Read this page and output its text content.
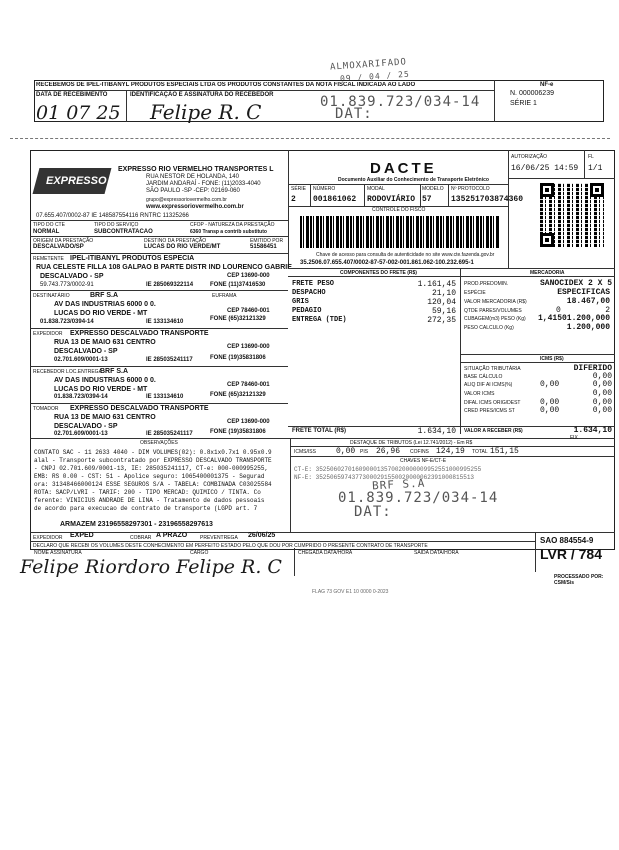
ALMOXARIFADO
09 / 04 / 25
RECEBEMOS DE IPEL-ITIBANYL PRODUTOS ESPECIAIS LTDA OS PRODUTOS CONSTANTES DA NOTA FISCAL INDICADA AO LADO
DATA DE RECEBIMENTO
01 07 25
IDENTIFICAÇÃO E ASSINATURA DO RECEBEDOR
Felipe R. C	01.839.723/034-14
DAT:
NF-e
N. 000006239
SÉRIE 1
EXPRESSO
EXPRESSO RIO VERMELHO TRANSPORTES L
RUA NESTOR DE HOLANDA, 140
JARDIM ANDARAÍ - FONE: (11)2033-4040
SÃO PAULO -SP -CEP: 02169-060
grupo@expressoriovermelho.com.br
www.expressoriovermelho.com.br
07.655.407/0002-87 IE 148587554116 RNTRC 11325266
DACTE
Documento Auxiliar do Conhecimento de Transporte Eletrônico
SÉRIE
2
NÚMERO
001861062
MODAL
RODOVIÁRIO
MODELO
57
Nº PROTOCOLO
135251703874360
CONTROLE DO FISCO
Chave de acesso para consulta de autenticidade no site www.cte.fazenda.gov.br
35.2506.07.655.407/0002-87-57-002-001.861.062-100.232.695-1
AUTORIZAÇÃO
16/06/25 14:59
FL
1/1
TIPO DO CTE
NORMAL
TIPO DO SERVIÇO
SUBCONTRATACAO
CFOP - NATUREZA DA PRESTAÇÃO
6360 Transp a contrib substituto
ORIGEM DA PRESTAÇÃO
DESCALVADO/SP
DESTINO DA PRESTAÇÃO
LUCAS DO RIO VERDE/MT
EMITIDO POR
51586451
REMETENTE IPEL-ITIBANYL PRODUTOS ESPECIA
RUA CELESTE FILLA 108 GALPAO B PARTE DISTR IND LOURENCO GABRIE
DESCALVADO - SP	CEP 13690-000
59.743.773/0002-91	IE 285069322114	FONE (11)37416530
DESTINATÁRIO	BRF S.A	EUFRAMA
AV DAS INDUSTRIAS 6000 0 0.
CEP 78460-001
LUCAS DO RIO VERDE - MT
01.838.723/0394-14	IE 133134610	FONE (65)32121329
EXPEDIDOR EXPRESSO DESCALVADO TRANSPORTE
RUA 13 DE MAIO 631 CENTRO
CEP 13690-000
DESCALVADO - SP
02.701.609/0001-13	IE 285035241117	FONE (19)35831806
RECEBEDOR LOC.ENTREGA
BRF S.A
AV DAS INDUSTRIAS 6000 0 0.
CEP 78460-001
LUCAS DO RIO VERDE - MT
01.838.723/0394-14	IE 133134610	FONE (65)32121329
TOMADOR EXPRESSO DESCALVADO TRANSPORTE
RUA 13 DE MAIO 631 CENTRO
CEP 13690-000
DESCALVADO - SP
02.701.609/0001-13	IE 285035241117	FONE (19)35831806
COMPONENTES DO FRETE (R$)	MERCADORIA
FRETE PESO	1.161,45
DESPACHO	21,10
GRIS	120,04
PEDAGIO	59,16
ENTREGA (TDE)	272,35
FRETE TOTAL (R$)	1.634,10
PROD.PREDOMIN.	SANOCIDEX 2 X 5
ESPÉCIE	ESPECIFICAS
VALOR MERCADORIA (R$)	18.467,00
QTDE PARES/VOLUMES	0	2
CUBAGEM(m3) PESO (Kg) 1,4150 1.200,000
PESO CALCULO (Kg)	1.200,000
ICMS (R$)
SITUAÇÃO TRIBUTÁRIA	DIFERIDO
BASE CÁLCULO	0,00
ALIQ DIF AI ICMS(%)	0,00	0,00
VALOR ICMS	0,00
DIFAL ICMS ORIG/DEST 0,00	0,00
CRED PRES/ICMS ST	0,00	0,00
VALOR A RECEBER (R$)	1.634,10
OBSERVAÇÕES	DESTAQUE DE TRIBUTOS (Lei 12.741/2012) - Em R$
FIX
ICMS/ISS	0,00 PIS 26,96 COFINS 124,19 TOTAL 151,15
CHAVES NF-E/CT-E
CT-E: 3525060270160900013570020000009952551000995255
NF-E: 35250659743773000291550020000062391000815513
BRF S.A
01.839.723/034-14
DAT:
CONTATO SAC - 11 2633 4040 - DIM VOLUMES(02): 0.8x1x0.7x1 0.95x0.9
alal - Transporte subcontratado por EXPRESSO DESCALVADO TRANSPORTE
- CNPJ 02.701.609/0001-13, IE: 285035241117, CT-e: 000-000995255,
EMB: RS 0.00 - CST: 51 - Apolice seguro: 1065400001375 - Segurad
ora: 31348466000124 ESSE SEGUROS S/A - TABELA: COMBINADA C03025584
ROTA: SACP/LVRI - TARIF: 200 - TIPO MERCAD: QUIMICO / TINTA. Co
ferente: VINICIUS ANDRADE DE LINA - Tratamento de dados pessoais
de acordo para execucao de contrato de transporte (LGPD art. 7
ARMAZEM 23196558297301 - 23196558297613
EXPEDIDOR EXPED	COBRAR A PRAZO	PREVENTREGA 26/06/25
DECLARO QUE RECEBI OS VOLUMES DESTE CONHECIMENTO EM PERFEITO ESTADO PELO QUE DOU POR CUMPRIDO O PRESENTE CONTRATO DE TRANSPORTE
SAO 884554-9
LVR / 784
NOME ASSINATURA	CARGO	CHEGADA DATA/HORA	SAÍDA DATA/HORA
Felipe Riordoro Felipe R. C	PROCESSADO POR: CSM/Sis
FLAG 73 GOV E1 10 0000 0-2023
